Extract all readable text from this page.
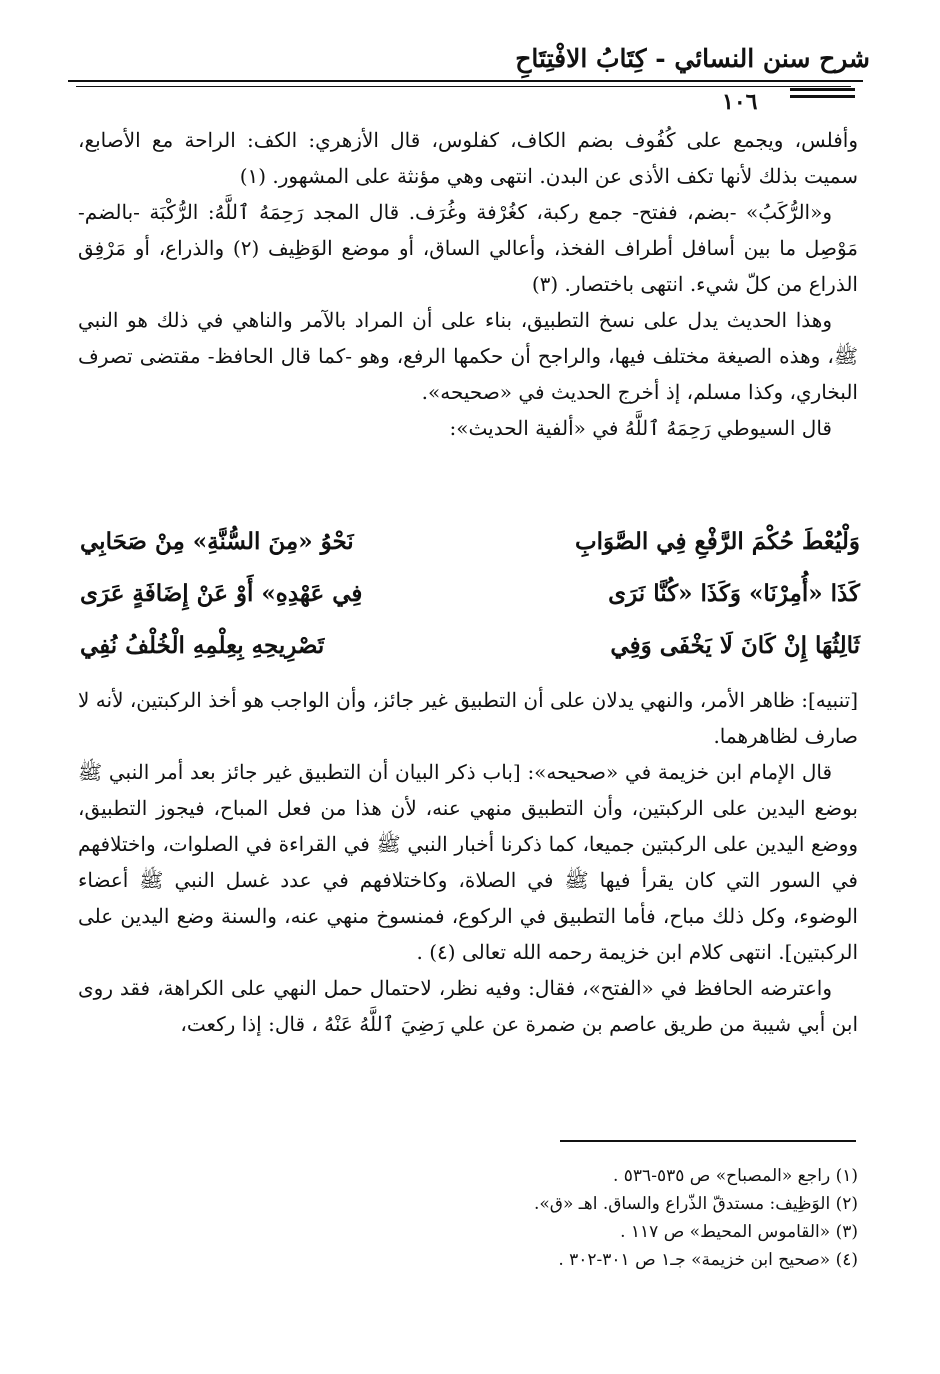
شرح سنن النسائي - كِتَابُ الافْتِتَاحِ
١٠٦

وأفلس، ويجمع على كُفُوف بضم الكاف، كفلوس، قال الأزهري: الكف: الراحة مع الأصابع، سميت بذلك لأنها تكف الأذى عن البدن. انتهى وهي مؤنثة على المشهور. (١)

و«الرُّكَبُ» -بضم، ففتح- جمع ركبة، كغُرْفة وغُرَف. قال المجد رَحِمَهُ ٱللَّهُ: الرُّكْبَة -بالضم- مَوْصِل ما بين أسافل أطراف الفخذ، وأعالي الساق، أو موضع الوَظِيف (٢) والذراع، أو مَرْفِق الذراع من كلّ شيء. انتهى باختصار. (٣)

وهذا الحديث يدل على نسخ التطبيق، بناء على أن المراد بالآمر والناهي في ذلك هو النبي ﷺ، وهذه الصيغة مختلف فيها، والراجح أن حكمها الرفع، وهو -كما قال الحافظ- مقتضى تصرف البخاري، وكذا مسلم، إذ أخرج الحديث في «صحيحه».

قال السيوطي رَحِمَهُ ٱللَّهُ في «ألفية الحديث»:

وَلْيُعْطَ حُكْمَ الرَّفْعِ فِي الصَّوَابِ
نَحْوُ «مِنَ السُّنَّةِ» مِنْ صَحَابِي
كَذَا «أُمِرْنَا» وَكَذَا «كُنَّا نَرَى
فِي عَهْدِهِ» أَوْ عَنْ إِضَافَةٍ عَرَى
ثَالِثُهَا إِنْ كَانَ لَا يَخْفَى وَفِي
تَصْرِيحِهِ بِعِلْمِهِ الْخُلْفُ نُفِي

[تنبيه]: ظاهر الأمر، والنهي يدلان على أن التطبيق غير جائز، وأن الواجب هو أخذ الركبتين، لأنه لا صارف لظاهرهما.

قال الإمام ابن خزيمة في «صحيحه»: [باب ذكر البيان أن التطبيق غير جائز بعد أمر النبي ﷺ بوضع اليدين على الركبتين، وأن التطبيق منهي عنه، لأن هذا من فعل المباح، فيجوز التطبيق، ووضع اليدين على الركبتين جميعا، كما ذكرنا أخبار النبي ﷺ في القراءة في الصلوات، واختلافهم في السور التي كان يقرأ فيها ﷺ في الصلاة، وكاختلافهم في عدد غسل النبي ﷺ أعضاء الوضوء، وكل ذلك مباح، فأما التطبيق في الركوع، فمنسوخ منهي عنه، والسنة وضع اليدين على الركبتين]. انتهى كلام ابن خزيمة رحمه الله تعالى (٤) .

واعترضه الحافظ في «الفتح»، فقال: وفيه نظر، لاحتمال حمل النهي على الكراهة، فقد روى ابن أبي شيبة من طريق عاصم بن ضمرة عن علي رَضِيَ ٱللَّهُ عَنْهُ ، قال: إذا ركعت،

(١) راجع «المصباح» ص ٥٣٥-٥٣٦ .
(٢) الوَظِيف: مستدقّ الذّراع والساق. اهـ «ق».
(٣) «القاموس المحيط» ص ١١٧ .
(٤) «صحيح ابن خزيمة» جـ١ ص ٣٠١-٣٠٢ .
